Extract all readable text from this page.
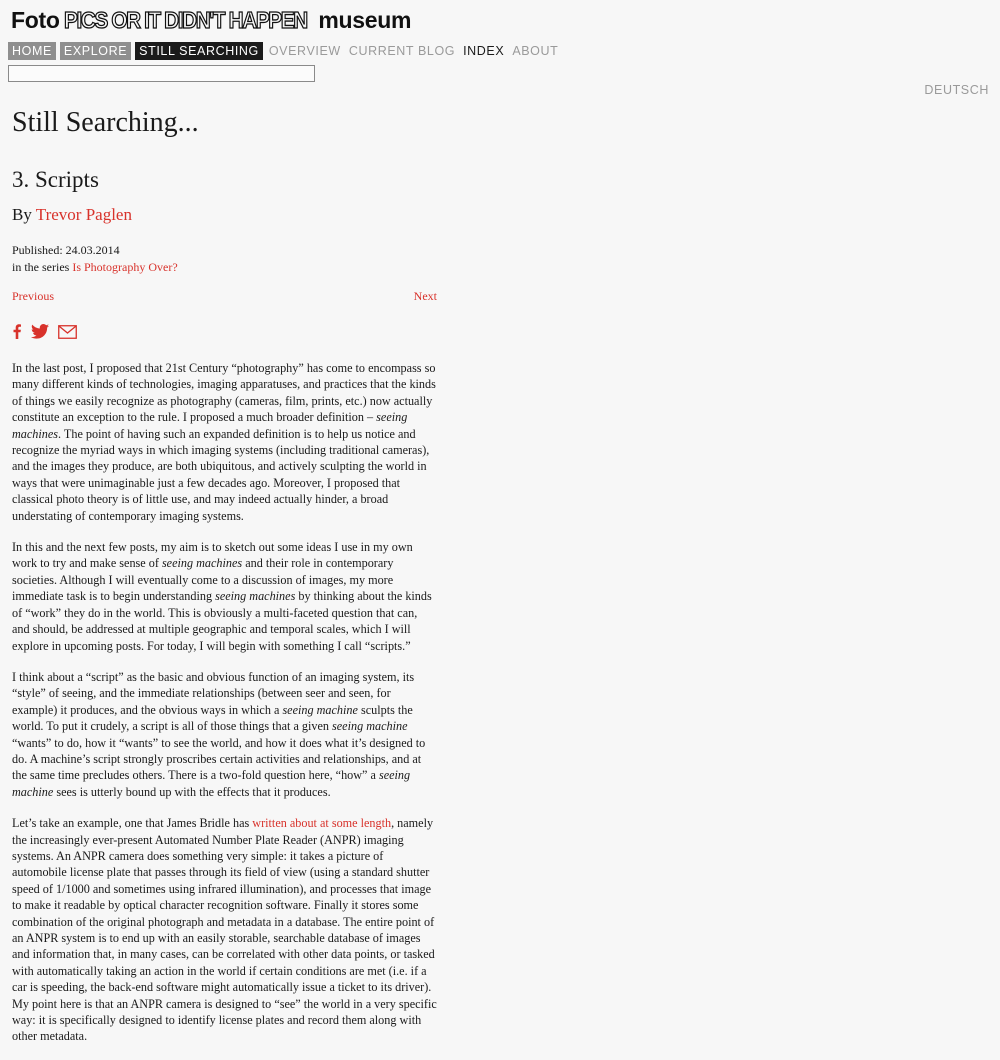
Foto PICS OR IT DIDN'T HAPPEN museum
HOME EXPLORE STILL SEARCHING OVERVIEW CURRENT BLOG INDEX ABOUT
DEUTSCH
Still Searching...
3. Scripts
By Trevor Paglen
Published: 24.03.2014
in the series Is Photography Over?
Previous	Next

In the last post, I proposed that 21st Century “photography” has come to encompass so many different kinds of technologies, imaging apparatuses, and practices that the kinds of things we easily recognize as photography (cameras, film, prints, etc.) now actually constitute an exception to the rule. I proposed a much broader definition – seeing machines. The point of having such an expanded definition is to help us notice and recognize the myriad ways in which imaging systems (including traditional cameras), and the images they produce, are both ubiquitous, and actively sculpting the world in ways that were unimaginable just a few decades ago. Moreover, I proposed that classical photo theory is of little use, and may indeed actually hinder, a broad understating of contemporary imaging systems.

In this and the next few posts, my aim is to sketch out some ideas I use in my own work to try and make sense of seeing machines and their role in contemporary societies. Although I will eventually come to a discussion of images, my more immediate task is to begin understanding seeing machines by thinking about the kinds of “work” they do in the world. This is obviously a multi-faceted question that can, and should, be addressed at multiple geographic and temporal scales, which I will explore in upcoming posts. For today, I will begin with something I call “scripts.”

I think about a “script” as the basic and obvious function of an imaging system, its “style” of seeing, and the immediate relationships (between seer and seen, for example) it produces, and the obvious ways in which a seeing machine sculpts the world. To put it crudely, a script is all of those things that a given seeing machine “wants” to do, how it “wants” to see the world, and how it does what it’s designed to do. A machine’s script strongly proscribes certain activities and relationships, and at the same time precludes others. There is a two-fold question here, “how” a seeing machine sees is utterly bound up with the effects that it produces.

Let’s take an example, one that James Bridle has written about at some length, namely the increasingly ever-present Automated Number Plate Reader (ANPR) imaging systems. An ANPR camera does something very simple: it takes a picture of automobile license plate that passes through its field of view (using a standard shutter speed of 1/1000 and sometimes using infrared illumination), and processes that image to make it readable by optical character recognition software. Finally it stores some combination of the original photograph and metadata in a database. The entire point of an ANPR system is to end up with an easily storable, searchable database of images and information that, in many cases, can be correlated with other data points, or tasked with automatically taking an action in the world if certain conditions are met (i.e. if a car is speeding, the back-end software might automatically issue a ticket to its driver). My point here is that an ANPR camera is designed to “see” the world in a very specific way: it is specifically designed to identify license plates and record them along with other metadata.
